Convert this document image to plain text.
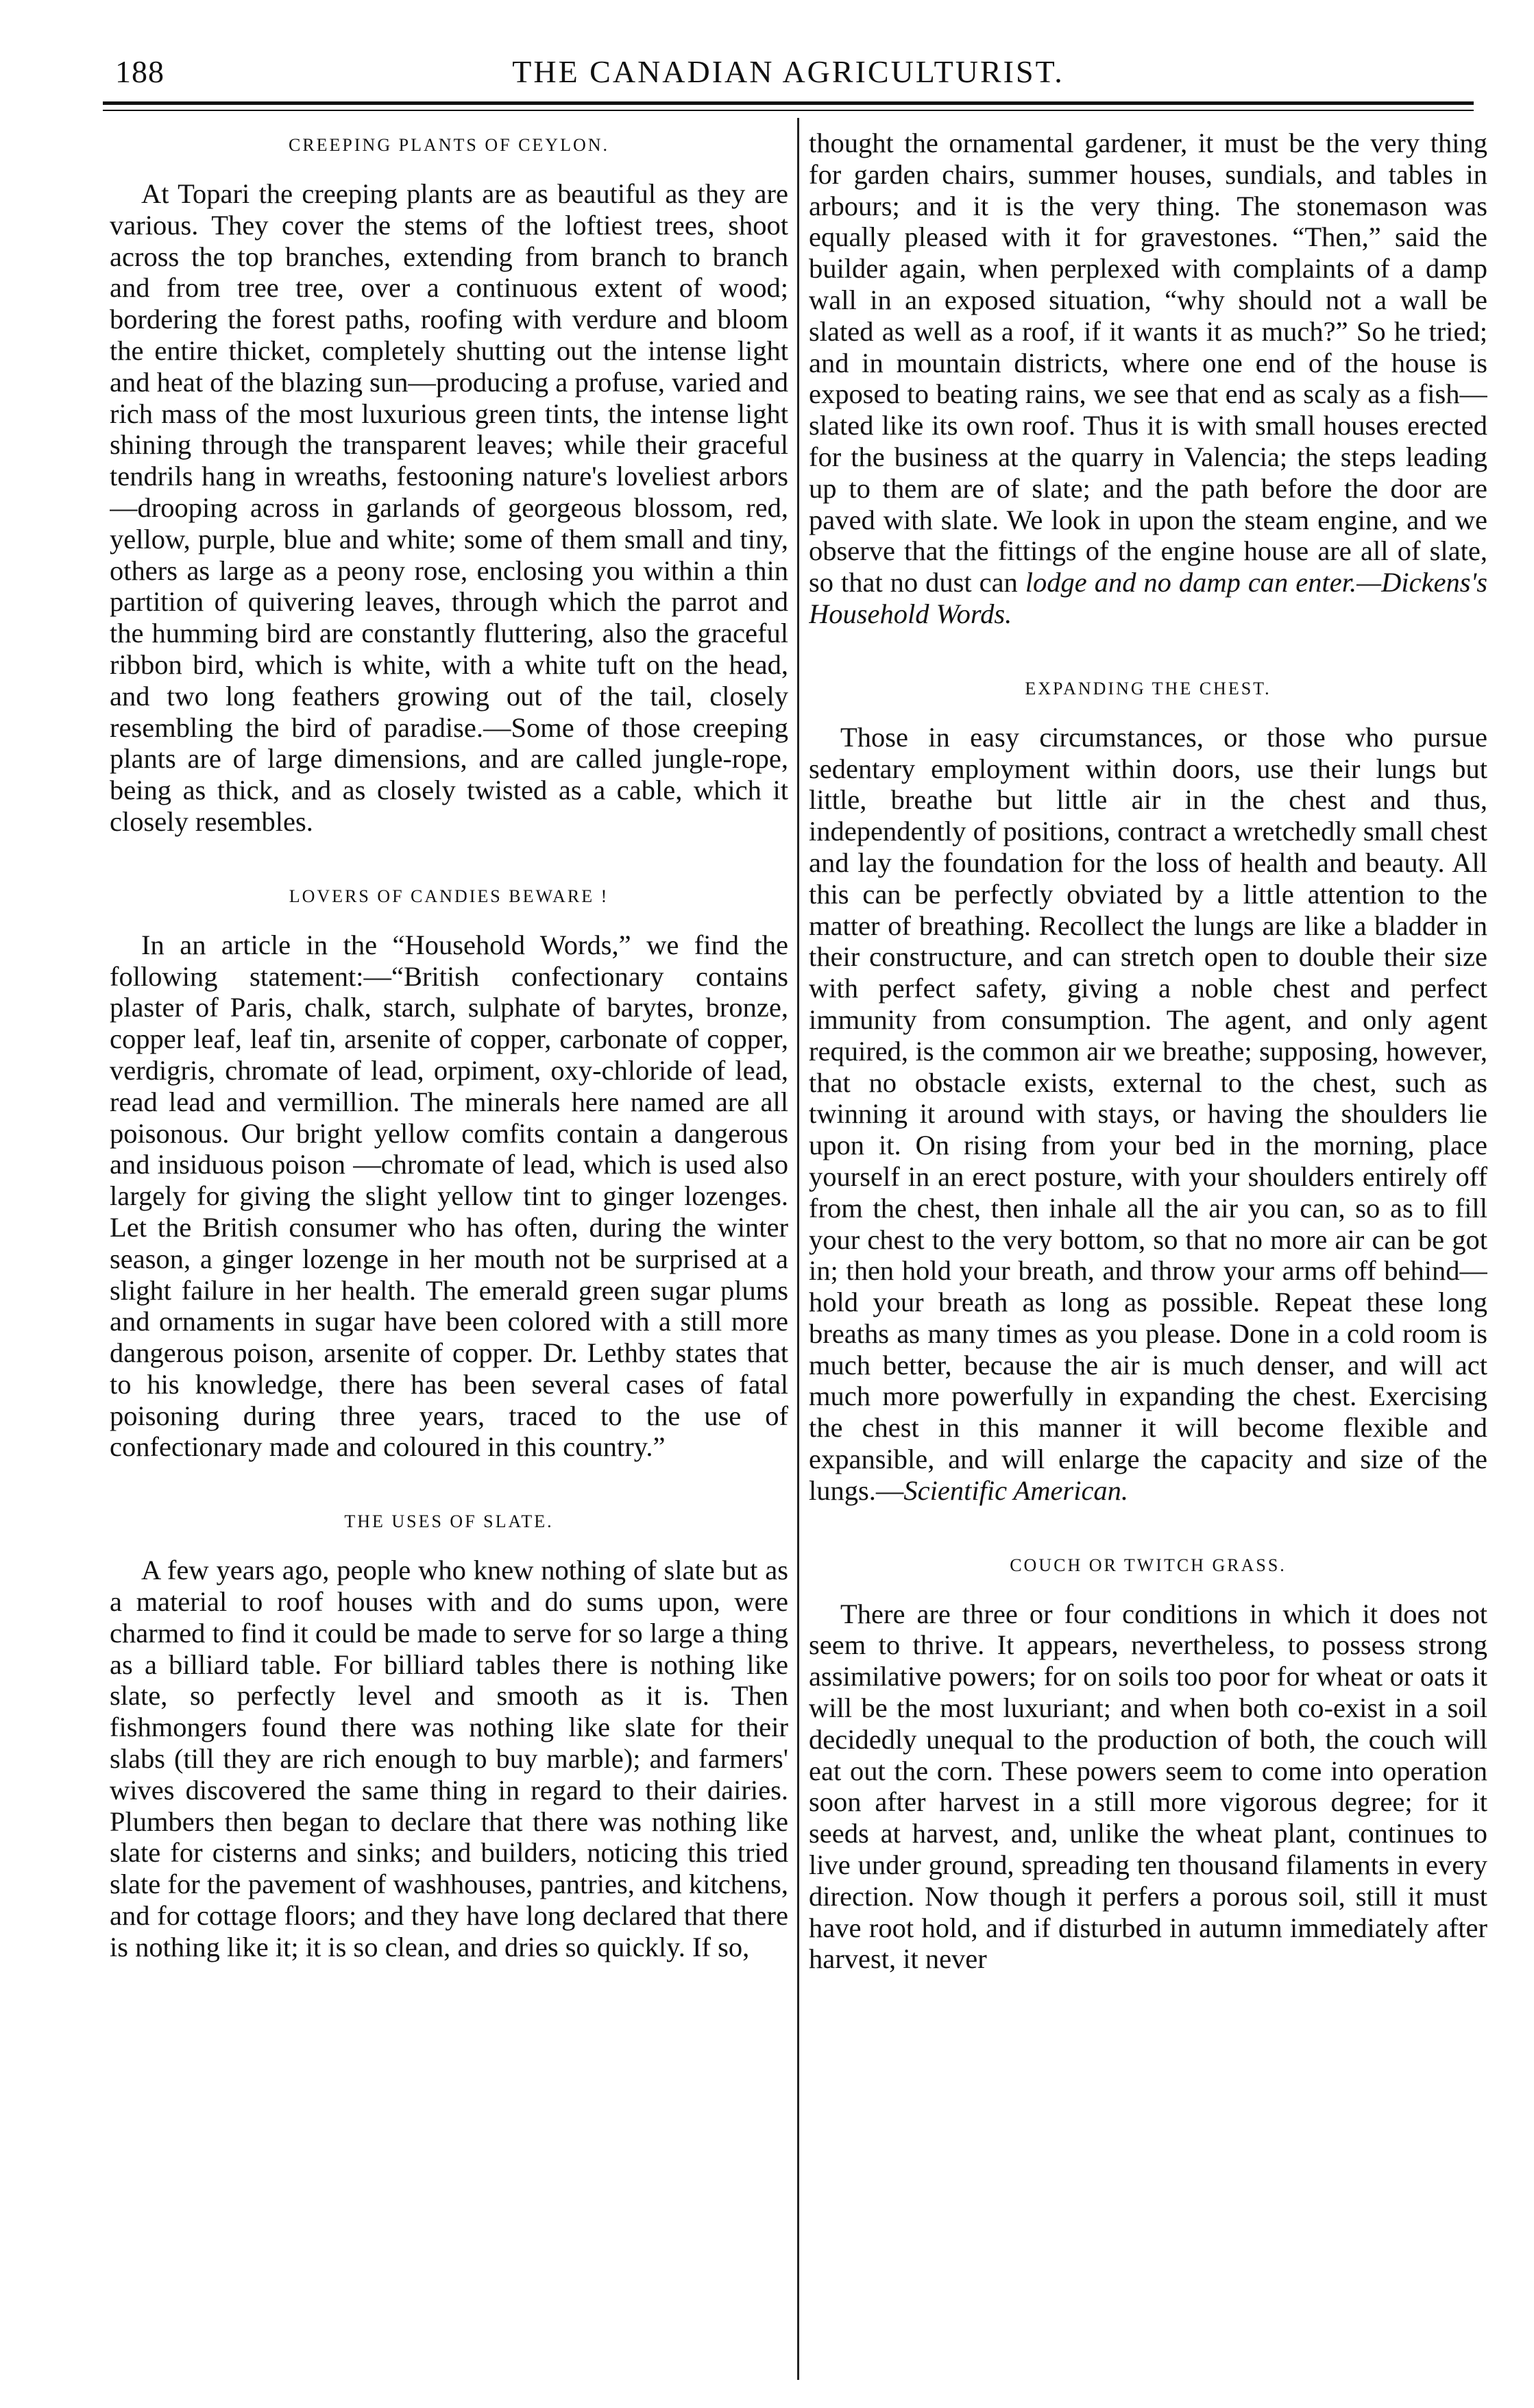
188	THE CANADIAN AGRICULTURIST.
CREEPING PLANTS OF CEYLON.

At Topari the creeping plants are as beautiful as they are various. They cover the stems of the loftiest trees, shoot across the top branches, extending from branch to branch and from tree tree, over a continuous extent of wood; bordering the forest paths, roofing with verdure and bloom the entire thicket, completely shutting out the intense light and heat of the blazing sun—producing a profuse, varied and rich mass of the most luxurious green tints, the intense light shining through the transparent leaves; while their graceful tendrils hang in wreaths, festooning nature's loveliest arbors—drooping across in garlands of georgeous blossom, red, yellow, purple, blue and white; some of them small and tiny, others as large as a peony rose, enclosing you within a thin partition of quivering leaves, through which the parrot and the humming bird are constantly fluttering, also the graceful ribbon bird, which is white, with a white tuft on the head, and two long feathers growing out of the tail, closely resembling the bird of paradise.—Some of those creeping plants are of large dimensions, and are called jungle-rope, being as thick, and as closely twisted as a cable, which it closely resembles.

LOVERS OF CANDIES BEWARE !

In an article in the “Household Words,” we find the following statement:—“British confectionary contains plaster of Paris, chalk, starch, sulphate of barytes, bronze, copper leaf, leaf tin, arsenite of copper, carbonate of copper, verdigris, chromate of lead, orpiment, oxy-chloride of lead, read lead and vermillion. The minerals here named are all poisonous. Our bright yellow comfits contain a dangerous and insiduous poison —chromate of lead, which is used also largely for giving the slight yellow tint to ginger lozenges. Let the British consumer who has often, during the winter season, a ginger lozenge in her mouth not be surprised at a slight failure in her health. The emerald green sugar plums and ornaments in sugar have been colored with a still more dangerous poison, arsenite of copper. Dr. Lethby states that to his knowledge, there has been several cases of fatal poisoning during three years, traced to the use of confectionary made and coloured in this country.”

THE USES OF SLATE.

A few years ago, people who knew nothing of slate but as a material to roof houses with and do sums upon, were charmed to find it could be made to serve for so large a thing as a billiard table. For billiard tables there is nothing like slate, so perfectly level and smooth as it is. Then fishmongers found there was nothing like slate for their slabs (till they are rich enough to buy marble); and farmers' wives discovered the same thing in regard to their dairies. Plumbers then began to declare that there was nothing like slate for cisterns and sinks; and builders, noticing this tried slate for the pavement of washhouses, pantries, and kitchens, and for cottage floors; and they have long declared that there is nothing like it; it is so clean, and dries so quickly. If so,

thought the ornamental gardener, it must be the very thing for garden chairs, summer houses, sundials, and tables in arbours; and it is the very thing. The stonemason was equally pleased with it for gravestones. “Then,” said the builder again, when perplexed with complaints of a damp wall in an exposed situation, “why should not a wall be slated as well as a roof, if it wants it as much?” So he tried; and in mountain districts, where one end of the house is exposed to beating rains, we see that end as scaly as a fish—slated like its own roof. Thus it is with small houses erected for the business at the quarry in Valencia; the steps leading up to them are of slate; and the path before the door are paved with slate. We look in upon the steam engine, and we observe that the fittings of the engine house are all of slate, so that no dust can lodge and no damp can enter.—Dickens's Household Words.

EXPANDING THE CHEST.

Those in easy circumstances, or those who pursue sedentary employment within doors, use their lungs but little, breathe but little air in the chest and thus, independently of positions, contract a wretchedly small chest and lay the foundation for the loss of health and beauty. All this can be perfectly obviated by a little attention to the matter of breathing. Recollect the lungs are like a bladder in their constructure, and can stretch open to double their size with perfect safety, giving a noble chest and perfect immunity from consumption. The agent, and only agent required, is the common air we breathe; supposing, however, that no obstacle exists, external to the chest, such as twinning it around with stays, or having the shoulders lie upon it. On rising from your bed in the morning, place yourself in an erect posture, with your shoulders entirely off from the chest, then inhale all the air you can, so as to fill your chest to the very bottom, so that no more air can be got in; then hold your breath, and throw your arms off behind—hold your breath as long as possible. Repeat these long breaths as many times as you please. Done in a cold room is much better, because the air is much denser, and will act much more powerfully in expanding the chest. Exercising the chest in this manner it will become flexible and expansible, and will enlarge the capacity and size of the lungs.—Scientific American.

COUCH OR TWITCH GRASS.

There are three or four conditions in which it does not seem to thrive. It appears, nevertheless, to possess strong assimilative powers; for on soils too poor for wheat or oats it will be the most luxuriant; and when both co-exist in a soil decidedly unequal to the production of both, the couch will eat out the corn. These powers seem to come into operation soon after harvest in a still more vigorous degree; for it seeds at harvest, and, unlike the wheat plant, continues to live under ground, spreading ten thousand filaments in every direction. Now though it perfers a porous soil, still it must have root hold, and if disturbed in autumn immediately after harvest, it never
